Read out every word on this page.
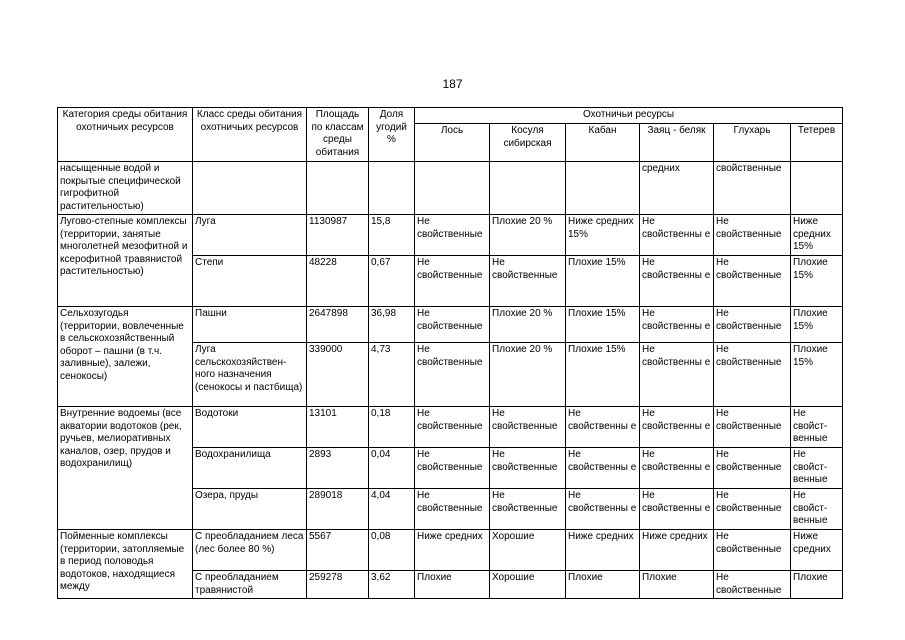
187
Категория среды обитания охотничьих ресурсов	Класс среды обитания охотничьих ресурсов	Площадь по классам среды обитания	Доля угодий %	Охотничьи ресурсы					
				Лось	Косуля сибирская	Кабан	Заяц - беляк	Глухарь	Тетерев
насыщенные водой и покрытые специфической гигрофитной растительностью)							средних	свойственные	
Лугово-степные комплексы (территории, занятые многолетней мезофитной и ксерофитной травянистой растительностью)	Луга	1130987	15,8	Не свойственные	Плохие 20 %	Ниже средних 15%	Не свойственны е	Не свойственные	Ниже средних 15%
	Степи	48228	0,67	Не свойственные	Не свойственные	Плохие 15%	Не свойственны е	Не свойственные	Плохие 15%
Сельхозугодья (территории, вовлеченные в сельскохозяйственный оборот – пашни (в т.ч. заливные), залежи, сенокосы)	Пашни	2647898	36,98	Не свойственные	Плохие 20 %	Плохие 15%	Не свойственны е	Не свойственные	Плохие 15%
	Луга сельскохозяйствен-ного назначения (сенокосы и пастбища)	339000	4,73	Не свойственные	Плохие 20 %	Плохие 15%	Не свойственны е	Не свойственные	Плохие 15%
Внутренние водоемы (все акватории водотоков (рек, ручьев, мелиоративных каналов, озер, прудов и водохранилищ)	Водотоки	13101	0,18	Не свойственные	Не свойственные	Не свойственны е	Не свойственны е	Не свойственные	Не свойст-венные
	Водохранилища	2893	0,04	Не свойственные	Не свойственные	Не свойственны е	Не свойственны е	Не свойственные	Не свойст-венные
	Озера, пруды	289018	4,04	Не свойственные	Не свойственные	Не свойственны е	Не свойственны е	Не свойственные	Не свойст-венные
Пойменные комплексы (территории, затопляемые в период половодья водотоков, находящиеся между	С преобладанием леса (лес более 80 %)	5567	0,08	Ниже средних	Хорошие	Ниже средних	Ниже средних	Не свойственные	Ниже средних
	С преобладанием травянистой	259278	3,62	Плохие	Хорошие	Плохие	Плохие	Не свойственные	Плохие
